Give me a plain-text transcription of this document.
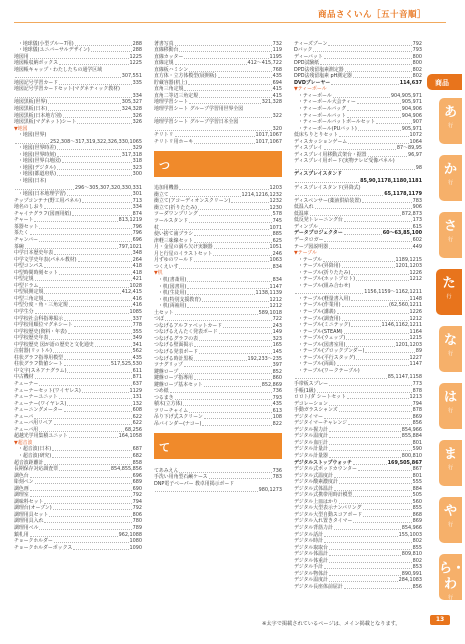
商品さくいん［五十音順］
商品
・地球儀(小型ブルー7用)	288
・地球儀(ユニバーサルデザイン)	288
地図用	1225
地図帳収納ボックス	1225
地図帳キャップ・わたしたちの通学区域
307,551
地図記号学習カード	335
地図記号学習カードセット(マグネティック教材)
334
地図黒板(世界)	305,327
地図黒板(日本)	324,328
地図黒板(日本地方別)	326
地図黒板(マグネット)シート	326
▼地図
・地図(世界)
252,308〜317,319,322,326,330,1065
・地図(世界時差)	329
・地図(世界時刻)	317,318
・地図(世界白地図)	318
・地図(デジタル)	323
・地図(都道府県)	300
・地図(日本)
296〜305,307,320,330,331
・地図(日本地理学習)	301
チップコンテナ(野工用パネル)	713
地名のしおり	334
チャイナグラフ(図画用紙)	874
チャート	813,1219
茶器セット	796
茶たく	796
チャンバー	696
茶碗	797,1021
中学日本歴史年表	348
中学文学史年表(パネル教材)	264
中型コンパス	418
中型時間時刻セット	418
中型定規	421
中型ドラム	1028
中型展開定規	412,415
中型三角定規	416
中型分度・角・三角定規	416
中学生分	1085
中学校社会科指導掲示	337
中学校用順位マグネシート	778
中学校歴史(資料・年表)	355
中学校歴史年表	349
中学校歴史 図が語の歴史と文化通史	341
注射器(リットル)	562
柱状グラフ指導用模型	435
柱状グラフ数値シート	517,525,530
中文字(スネアナグラム)	611
中古機材	871
チューナー	637
チューナーセット(ワイヤレス)	1129
チューナーユニット	131
チューナー(ワイヤレス)	132
チューニングメーター	608
チューバ	622
チューバ用リペア	622
チューバ用	68,256
超越光学用集積ユニット	164,1058
▼超音波
・超音波(日本)	687
・超音波(研究)	682
超音波距離計	858
長期保存対応調査票	854,855,856
調色台	696
彫刻ペン	689
調色画	690
調理室	792
調味料セット	794
調理台(オーブン)	792
調理用具セット	806
調理用具入れ	780
調理用ベル	789
鎮札用	962,1088
チョークホルダー	1080
チョークホルダーボックス	1090
著書写真	732
直線移動台	119
直線カッター	1195
直線定規	412〜415,722
直線板ハミシン	768
直方体・立方体模型(展開板)	435
貯蔵容器(机上)	694
直角三角定規	415
直角二等辺三角定規	415
地理学習シート	321,328
地理学習シート グループ学習用世界全図
322
地理学習シート グループ学習日本全図
320
チリトリ	1017,1067
チリトリ用ホーキ	1017,1067
つ
追加用機器	1203
衝立て	1214,1216,1232
衝立て(アコーディオンスクリーン)	1232
衝立て(折りたたみ)	1230
ツーダワンプリング	578
ツールスタンド	745
杖	1071
使い捨て歯ブラシ	885
津軽三味線セット	625
月・金星の満ち欠け実験器	1051
月と行星のイラストセット	246
月ずゆのワールド	1063
つくえいす	834
▼机
・机(書斎用)	834
・机(図書用)	1147
・机(生徒用)	1138,1139
・机(特別支援教育)	1212
・机(両袖用)	1212
土セット	589,1018
つぼ	722
つなげるアルファベットカード	243
つなげるえんたく発表ボード	149
つなげるグラフの表	323
つなげる壁面掲示	165
つなげる発表ボード	145
つなげる時計黒板	192,233〜235
ツナグリップ	397
鍵盤ロープ	852
鍵盤ロープ指導用	860
鍵盤ロープ基本セット	852,869
つめ紙	736
つるまき	793
積木(立方体)	435
ツリーチャイム	613
吊り下げ式スクリーン	108
吊バインダー(ナコー)	822
て
てあみえん	736
手洗い用角型石鹸ケース	783
DNP電子ペーパー 教卓用掲示ボード
980,1273
ティーズブーン	792
Dバック	793
ディーバット	800
DPD試験紙	800
DPD法残留塩素測定器	802
DPD法残留塩素 pH測定器	802
DVDプレーヤー	114,637
▼ティーボール
・ティーボール	904,905,971
・ティーボール大会ティー	905,971
・ティーボールバッグ	904,906
・ティーボールバット	904,906
・ティーボールバットボールセット	907
・ティーボール(PUバット)	905,971
低床ちりとりセット	1072
ディスカッションゲーム	1064
ディスプレイ	87〜89,95
ディスプレイ用移動式架台・据置	96,97
ディスプレイ用ボード(実物テレビ受像パネル)
98
ディスプレイスタンド
85,90,1178,1180,1181
ディスプレイスタンド(昇降式)
65,1178,1179
ディスペンサー(薬液供給装置)	783
低温入れ	906
低温庫	872,873
低反発トレーニング台	173
ディンプル	615
データプロジェクター	60〜63,85,100
データロガー	602
テープ図説明器	449
▼テーブル
・テーブル	1189,1215
・テーブル(昇降用)	1201,1203
・テーブル(折りたたみ)	1226
・テーブル(ホットプロト)	1212
・テーブル(組み合わせ)
1156,1159〜1162,1211
・テーブル(軽量書入用)	1148
・テーブル(作業用)	(62,560,1211
・テーブル(講義)	1226
・テーブル(調査用)	1212
・テーブル(ミニテック)	1146,1162,1211
・テーブル(STEAM)	1164
・テーブル(ウェッブ)	1215
・テーブル(図書室用)	1201,1203
・テーブル(ブロックブンダー)	89
・テーブル(平行スタッグ)	1227
・テーブル(両面)	1147
・テーブル(ワークテーブル)
85,1147,1158
手帯板スプレー	773
手帳(1級)	878
ロロト/ダ シートセット	1213
デコレーション	794
手動ガラスシャンズ	878
デジタイマー	869
デジタイマーチャレンジ	856
デジタル握力計	854,966
デジタル温度計	855,884
デジタル血圧計	801
デジタル計量計	590
デジタル計量器	800,810
デジタルストップウォッチ	169,505,867
デジタル式ポッドカウンター	867
デジタル式温度計	801
デジタル酸素濃度計	555
デジタル式体温計	884
デジタル式携帯用時計模型	505
デジタル上皿はかり	560
デジタル大型表示ナンバリング	855
デジタル大型自動スコアボード	868
デジタル入れ置きタイマー	869
デジタル背筋力計	854,966
デジタル話計	155,1003
デジタル時計	802
デジタル取取台	855
デジタル体温計	809,810
デジタル体重計	802
デジタル手計	853
デジタル物体計	890,991
デジタル温度計	284,1083
デジタル長座体前屈計	856
あ
行
か
行
さ
行
た
行
な
行
は
行
ま
行
や
行
ら・わ
行
※太字で掲載されているページは、メイン掲載となります。
13
